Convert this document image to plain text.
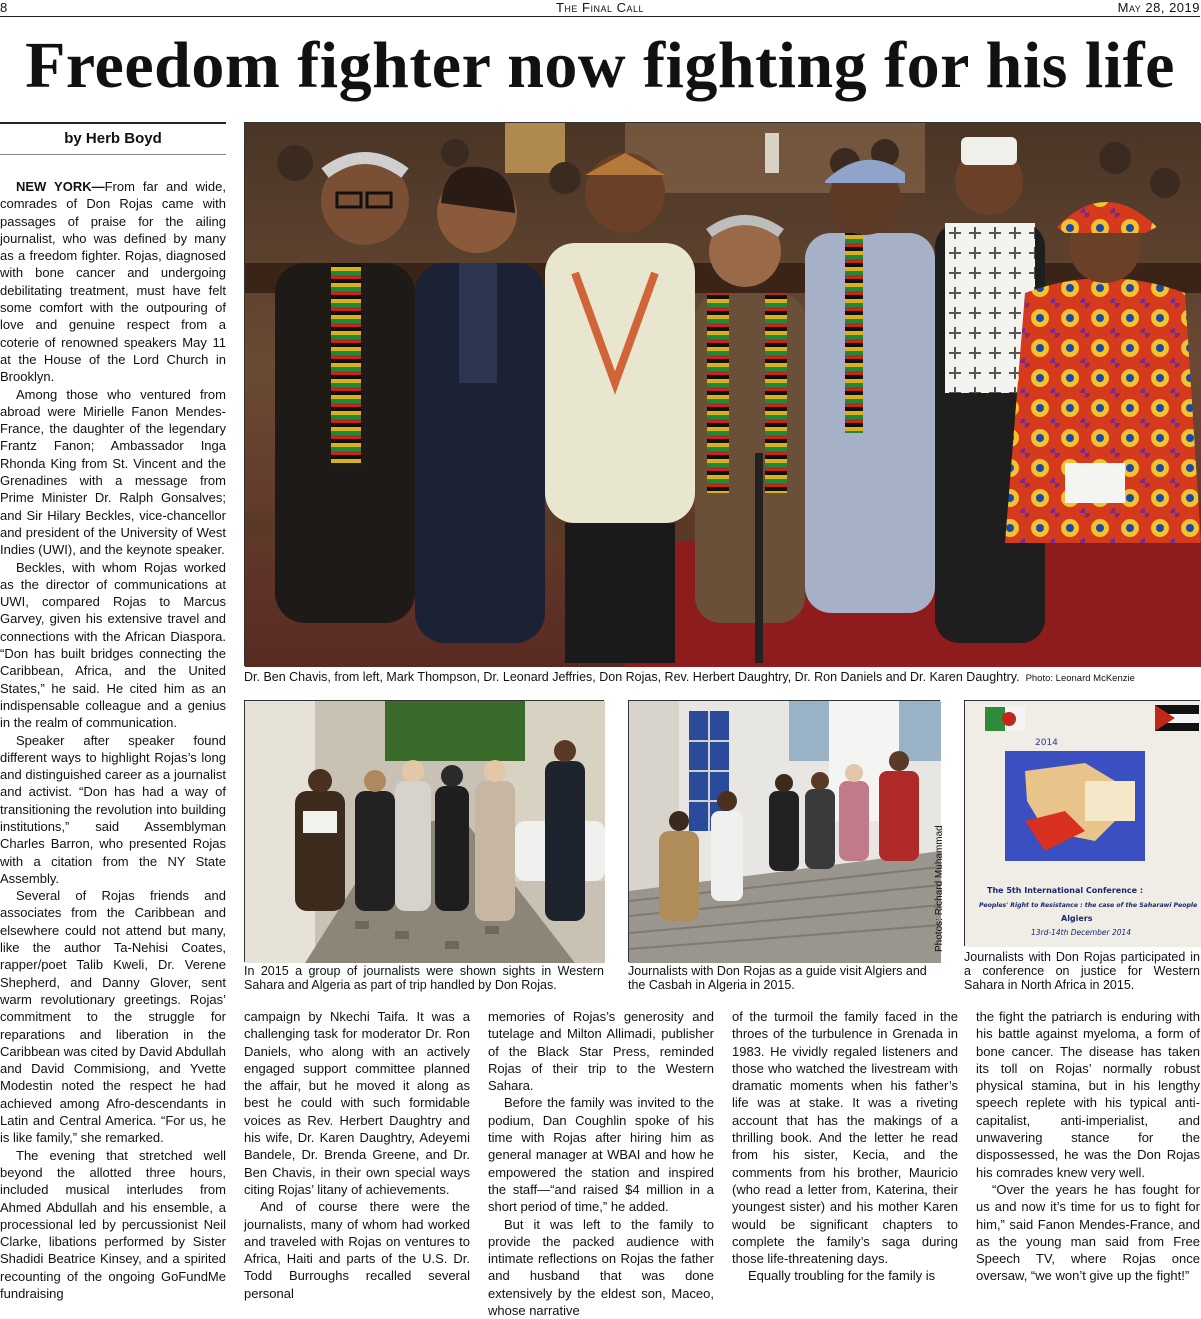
8	The Final Call	May 28, 2019
Freedom fighter now fighting for his life
by Herb Boyd

NEW YORK—From far and wide, comrades of Don Rojas came with passages of praise for the ailing journalist, who was defined by many as a freedom fighter. Rojas, diagnosed with bone cancer and undergoing debilitating treatment, must have felt some comfort with the outpouring of love and genuine respect from a coterie of renowned speakers May 11 at the House of the Lord Church in Brooklyn.

Among those who ventured from abroad were Mirielle Fanon Mendes-France, the daughter of the legendary Frantz Fanon; Ambassador Inga Rhonda King from St. Vincent and the Grenadines with a message from Prime Minister Dr. Ralph Gonsalves; and Sir Hilary Beckles, vice-chancellor and president of the University of West Indies (UWI), and the keynote speaker.

Beckles, with whom Rojas worked as the director of communications at UWI, compared Rojas to Marcus Garvey, given his extensive travel and connections with the African Diaspora. “Don has built bridges connecting the Caribbean, Africa, and the United States,” he said. He cited him as an indispensable colleague and a genius in the realm of communication.

Speaker after speaker found different ways to highlight Rojas’s long and distinguished career as a journalist and activist. “Don has had a way of transitioning the revolution into building institutions,” said Assemblyman Charles Barron, who presented Rojas with a citation from the NY State Assembly.

Several of Rojas friends and associates from the Caribbean and elsewhere could not attend but many, like the author Ta-Nehisi Coates, rapper/poet Talib Kweli, Dr. Verene Shepherd, and Danny Glover, sent warm revolutionary greetings. Rojas’ commitment to the struggle for reparations and liberation in the Caribbean was cited by David Abdullah and David Commisiong, and Yvette Modestin noted the respect he had achieved among Afro-descendants in Latin and Central America. “For us, he is like family,” she remarked.

The evening that stretched well beyond the allotted three hours, included musical interludes from Ahmed Abdullah and his ensemble, a processional led by percussionist Neil Clarke, libations performed by Sister Shadidi Beatrice Kinsey, and a spirited recounting of the ongoing GoFundMe fundraising

Dr. Ben Chavis, from left, Mark Thompson, Dr. Leonard Jeffries, Don Rojas, Rev. Herbert Daughtry, Dr. Ron Daniels and Dr. Karen Daughtry. Photo: Leonard McKenzie
In 2015 a group of journalists were shown sights in Western Sahara and Algeria as part of trip handled by Don Rojas.
Photos: Richard Muhammad
Journalists with Don Rojas as a guide visit Algiers and the Casbah in Algeria in 2015.
2014
The 5th International Conference :
Peoples' Right to Resistance : the case of the Saharawi People
Algiers
13rd-14th December 2014
Journalists with Don Rojas participated in a conference on justice for Western Sahara in North Africa in 2015.

campaign by Nkechi Taifa. It was a challenging task for moderator Dr. Ron Daniels, who along with an actively engaged support committee planned the affair, but he moved it along as best he could with such formidable voices as Rev. Herbert Daughtry and his wife, Dr. Karen Daughtry, Adeyemi Bandele, Dr. Brenda Greene, and Dr. Ben Chavis, in their own special ways citing Rojas’ litany of achievements.

And of course there were the journalists, many of whom had worked and traveled with Rojas on ventures to Africa, Haiti and parts of the U.S. Dr. Todd Burroughs recalled several personal

memories of Rojas’s generosity and tutelage and Milton Allimadi, publisher of the Black Star Press, reminded Rojas of their trip to the Western Sahara.

Before the family was invited to the podium, Dan Coughlin spoke of his time with Rojas after hiring him as general manager at WBAI and how he empowered the station and inspired the staff—“and raised $4 million in a short period of time,” he added.

But it was left to the family to provide the packed audience with intimate reflections on Rojas the father and husband that was done extensively by the eldest son, Maceo, whose narrative

of the turmoil the family faced in the throes of the turbulence in Grenada in 1983. He vividly regaled listeners and those who watched the livestream with dramatic moments when his father’s life was at stake. It was a riveting account that has the makings of a thrilling book. And the letter he read from his sister, Kecia, and the comments from his brother, Mauricio (who read a letter from, Katerina, their youngest sister) and his mother Karen would be significant chapters to complete the family’s saga during those life-threatening days.

Equally troubling for the family is

the fight the patriarch is enduring with his battle against myeloma, a form of bone cancer. The disease has taken its toll on Rojas’ normally robust physical stamina, but in his lengthy speech replete with his typical anti-capitalist, anti-imperialist, and unwavering stance for the dispossessed, he was the Don Rojas his comrades knew very well.

“Over the years he has fought for us and now it’s time for us to fight for him,” said Fanon Mendes-France, and as the young man said from Free Speech TV, where Rojas once oversaw, “we won’t give up the fight!”
